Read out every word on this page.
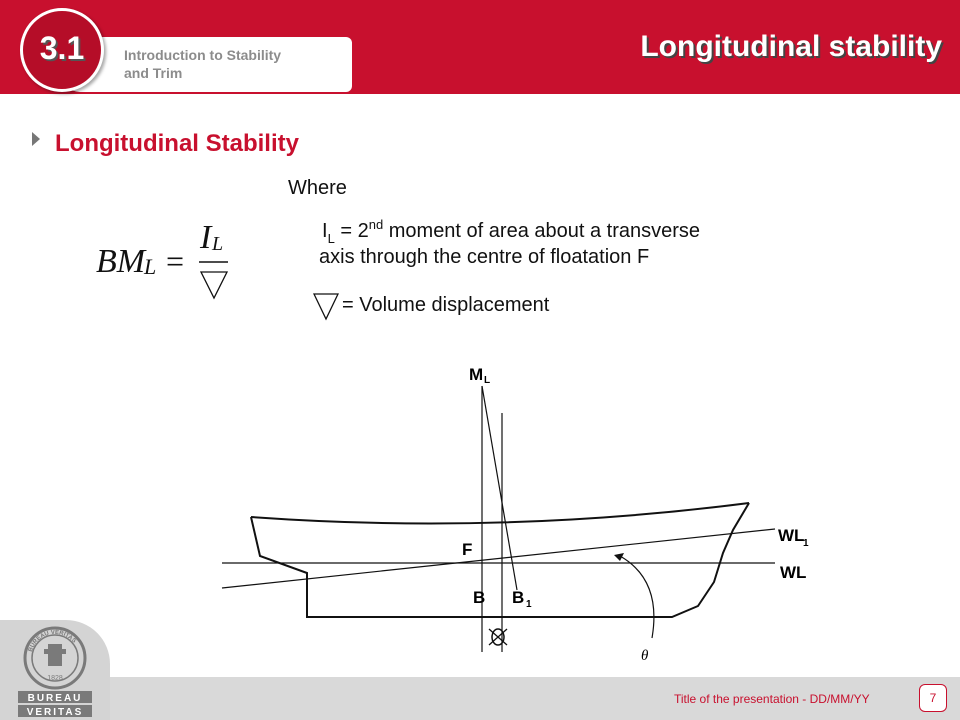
Introduction to Stability
and Trim
3.1	Longitudinal stability
Longitudinal Stability
BM
L =
I L
Where
$I_L = 2nd$ moment of area about a transverse
axis through the centre of floatation F
= Volume displacement
M L
WL
1
WL
F
B B 1
θ
BUREAU VERITAS
1828
BUREAU
VERITAS
Title of the presentation - DD/MM/YY	7
